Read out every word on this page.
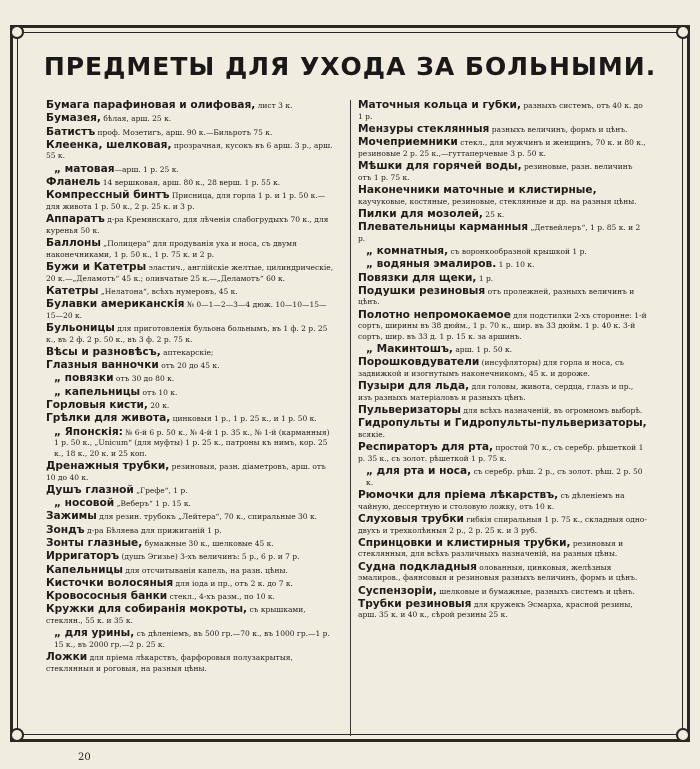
ПРЕДМЕТЫ ДЛЯ УХОДА ЗА БОЛЬНЫМИ.
Бумага парафиновая и олифовая, лист 3 к.
Бумазея, бѣлая, арш. 25 к.
Батистъ проф. Мозетигъ, арш. 90 к.—Бильротъ 75 к.
Клеенка, шелковая, прозрачная, кусокъ въ 6 арш. 3 р., арш. 55 к.
„ матовая—арш. 1 р. 25 к.
Фланель 14 вершковая, арш. 80 к., 28 верш. 1 р. 55 к.
Компрессный бинтъ Присница, для горла 1 р. и 1 р. 50 к.—для живота 1 р. 50 к., 2 р. 25 к. и 3 р.
Аппаратъ д-ра Кремянскаго, для лѣченія слабогрудыхъ 70 к., для куренья 50 к.
Баллоны „Полицера“ для продуванія уха и носа, съ двумя наконечниками, 1 р. 50 к., 1 р. 75 к. и 2 р.
Бужи и Катетры эластич., англійскіе желтые, цилиндрическіе, 20 к.—„Деламотъ“ 45 к.; оливчатые 25 к.—„Деламотъ“ 60 к.
Катетры „Нелатона“, всѣхъ нумеровъ, 45 к.
Булавки американскія № 0—1—2—3—4 дюж. 10—10—15—15—20 к.
Бульоницы для приготовленія бульона больнымъ, въ 1 ф. 2 р. 25 к., въ 2 ф. 2 р. 50 к., въ 3 ф. 2 р. 75 к.
Вѣсы и разновѣсъ, аптекарскіе;
Глазныя ванночки отъ 20 до 45 к.
„ повязки отъ 30 до 80 к.
„ капельницы отъ 10 к.
Горловыя кисти, 20 к.
Грѣлки для живота, цинковыя 1 р., 1 р. 25 к., и 1 р. 50 к.
„ Японскія: № 6-й 6 р. 50 к., № 4-й 1 р. 35 к., № 1-й (карманныя) 1 р. 50 к., „Unicum“ (для муфты) 1 р. 25 к., патроны къ нимъ, кор. 25 к., 18 к., 20 к. и 25 коп.
Дренажныя трубки, резиновыя, разн. діаметровъ, арш. отъ 10 до 40 к.
Душъ глазной „Грефе“, 1 р.
„ носовой „Веберъ“ 1 р. 15 к.
Зажимы для резин. трубокъ „Лейтера“, 70 к., спиральные 30 к.
Зондъ д-ра Бѣляева для прижиганій 1 р.
Зонты глазные, бумажные 30 к., шелковые 45 к.
Ирригаторъ (душъ Эгизье) 3-хъ величинъ: 5 р., 6 р. и 7 р.
Капельницы для отсчитыванія капель, на разн. цѣны.
Кисточки волосяныя для іода и пр., отъ 2 к. до 7 к.
Кровососныя банки стекл., 4-хъ разм., по 10 к.
Кружки для собиранія мокроты, съ крышками, стеклян., 55 к. и 35 к.
„ для урины, съ дѣленіемъ, въ 500 гр.—70 к., въ 1000 гр.—1 р. 15 к., въ 2000 гр.—2 р. 25 к.
Ложки для пріема лѣкарствъ, фарфоровыя полузакрытыя, стеклянныя и роговыя, на разныя цѣны.
Маточныя кольца и губки, разныхъ системъ, отъ 40 к. до 1 р.
Мензуры стеклянныя разныхъ величинъ, формъ и цѣнъ.
Мочеприемники стекл., для мужчинъ и женщинъ, 70 к. и 80 к., резиновые 2 р. 25 к.,—гуттаперчевые 3 р. 50 к.
Мѣшки для горячей воды, резиновые, разн. величинъ отъ 1 р. 75 к.
Наконечники маточные и клистирные, каучуковые, костяные, резиновые, стеклянные и др. на разныя цѣны.
Пилки для мозолей, 25 к.
Плевательницы карманныя „Детвейлеръ“, 1 р. 85 к. и 2 р.
„ комнатныя, съ воронкообразной крышкой 1 р.
„ водяныя эмалиров. 1 р. 10 к.
Повязки для щеки, 1 р.
Подушки резиновыя отъ пролежней, разныхъ величинъ и цѣнъ.
Полотно непромокаемое для подстилки 2-хъ сторонне: 1-й сортъ, ширины въ 38 дюйм., 1 р. 70 к., шир. въ 33 дюйм. 1 р. 40 к. 3-й сортъ, шир. въ 33 д. 1 р. 15 к. за аршинъ.
„ Макинтошъ, арш. 1 р. 50 к.
Порошковдуватели (инсуфляторы) для горла и носа, съ задвижкой и изогнутымъ наконечникомъ, 45 к. и дороже.
Пузыри для льда, для головы, живота, сердца, глазъ и пр., изъ разныхъ матеріаловъ и разныхъ цѣнъ.
Пульверизаторы для всѣхъ назначеній, въ огромномъ выборѣ.
Гидропульты и Гидропульты-пульверизаторы, всякіе.
Респираторъ для рта, простой 70 к., съ серебр. рѣшеткой 1 р. 35 к., съ золот. рѣшеткой 1 р. 75 к.
„ для рта и носа, съ серебр. рѣш. 2 р., съ золот. рѣш. 2 р. 50 к.
Рюмочки для пріема лѣкарствъ, съ дѣленіемъ на чайную, дессертную и столовую ложку, отъ 10 к.
Слуховыя трубки гибкія спиральныя 1 р. 75 к., складныя одно-двухъ и трехколѣнныя 2 р., 2 р. 25 к. и 3 руб.
Спринцовки и клистирныя трубки, резиновыя и стеклянныя, для всѣхъ различныхъ назначеній, на разныя цѣны.
Судна подкладныя олованныя, цинковыя, желѣзныя эмалиров., фаянсовыя и резиновыя разныхъ величинъ, формъ и цѣнъ.
Суспензоріи, шелковые и бумажные, разныхъ системъ и цѣнъ.
Трубки резиновыя для кружекъ Эсмарха, красной резины, арш. 35 к. и 40 к., сѣрой резины 25 к.
20
